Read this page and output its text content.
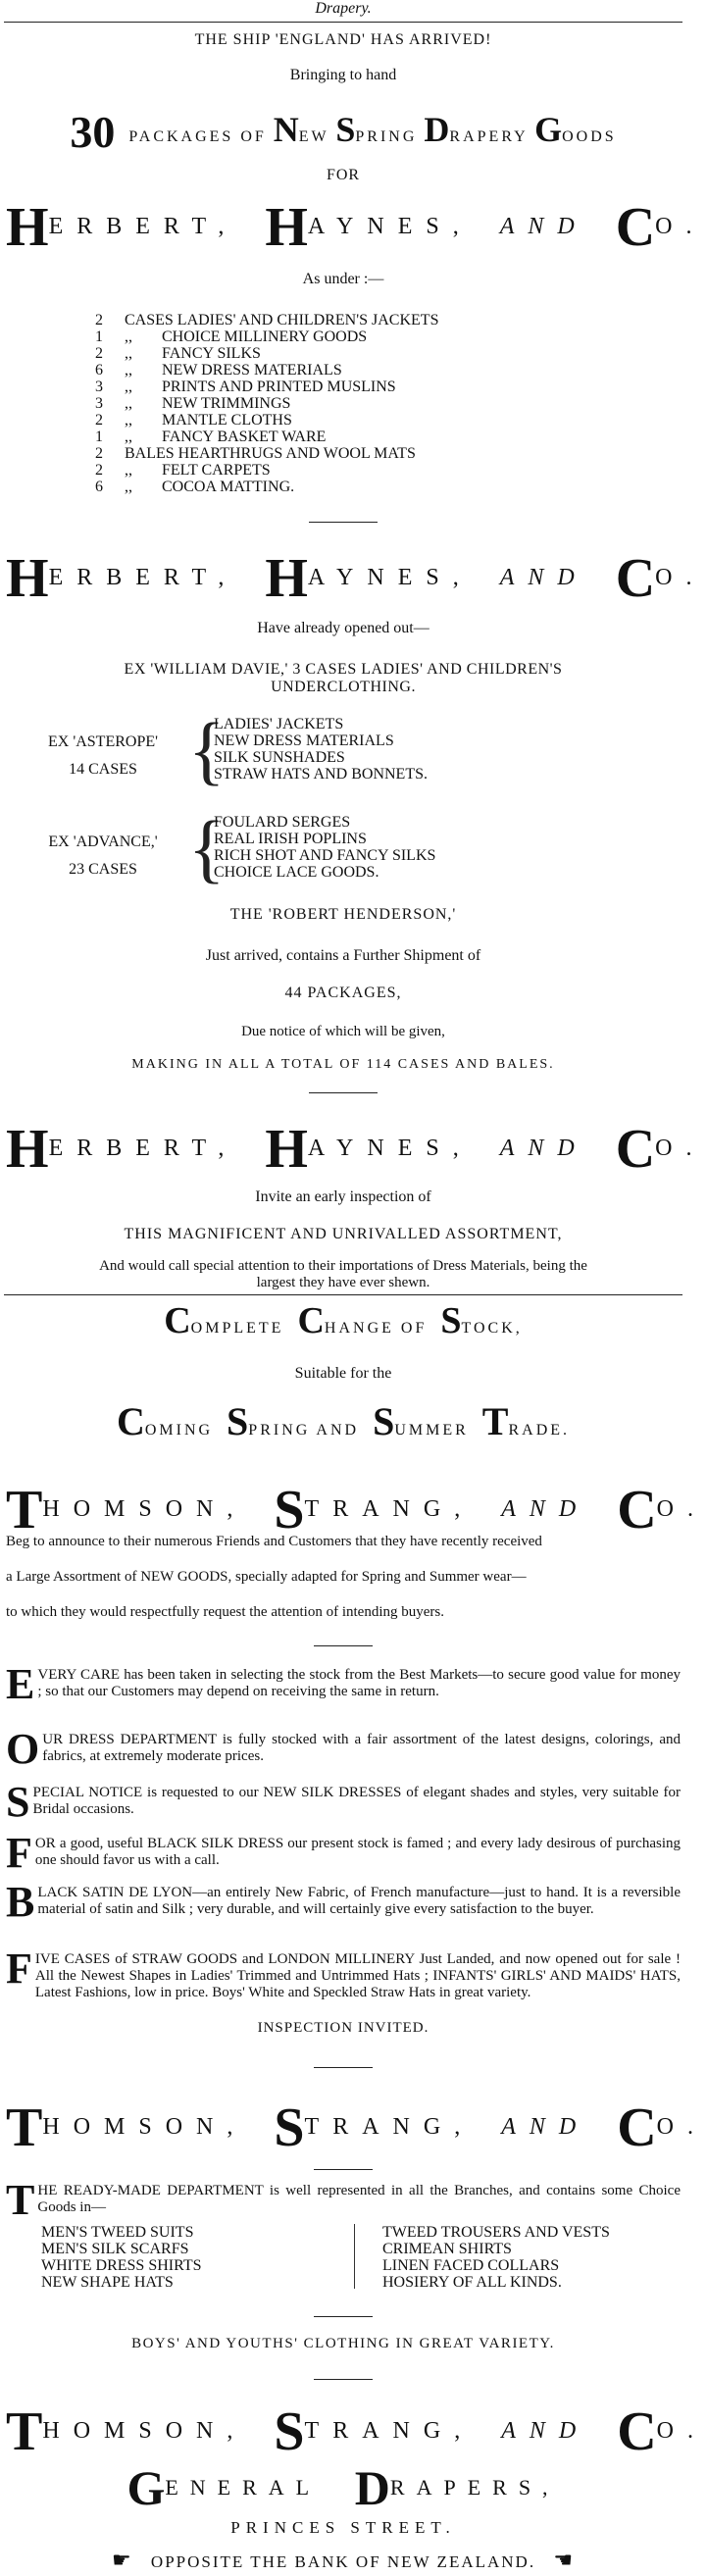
Drapery.
THE SHIP 'ENGLAND' HAS ARRIVED!
Bringing to hand
30 PACKAGES OF NEW SPRING DRAPERY GOODS
FOR
HERBERT, HAYNES, AND CO.
As under :—
2 CASES LADIES' AND CHILDREN'S JACKETS
1 ,, CHOICE MILLINERY GOODS
2 ,, FANCY SILKS
6 ,, NEW DRESS MATERIALS
3 ,, PRINTS AND PRINTED MUSLINS
3 ,, NEW TRIMMINGS
2 ,, MANTLE CLOTHS
1 ,, FANCY BASKET WARE
2 BALES HEARTHRUGS AND WOOL MATS
2 ,, FELT CARPETS
6 ,, COCOA MATTING.
HERBERT, HAYNES, AND CO.
Have already opened out—
EX 'WILLIAM DAVIE,' 3 CASES LADIES' AND CHILDREN'S
UNDERCLOTHING.
EX 'ASTEROPE'
14 CASES {
LADIES' JACKETS
NEW DRESS MATERIALS
SILK SUNSHADES
STRAW HATS AND BONNETS.
EX 'ADVANCE,'
23 CASES {
FOULARD SERGES
REAL IRISH POPLINS
RICH SHOT AND FANCY SILKS
CHOICE LACE GOODS.
THE 'ROBERT HENDERSON,'
Just arrived, contains a Further Shipment of
44 PACKAGES,
Due notice of which will be given,
MAKING IN ALL A TOTAL OF 114 CASES AND BALES.
HERBERT, HAYNES, AND CO.
Invite an early inspection of
THIS MAGNIFICENT AND UNRIVALLED ASSORTMENT,
And would call special attention to their importations of Dress Materials, being the
largest they have ever shewn.
COMPLETE CHANGE OF STOCK,
Suitable for the
COMING SPRING AND SUMMER TRADE.
THOMSON, STRANG, AND CO.
Beg to announce to their numerous Friends and Customers that they have recently received
a Large Assortment of NEW GOODS, specially adapted for Spring and Summer wear—
to which they would respectfully request the attention of intending buyers.
EVERY CARE has been taken in selecting the stock from the Best Markets—to secure good value for money ; so that our Customers may depend on receiving the same in return.
OUR DRESS DEPARTMENT is fully stocked with a fair assortment of the latest designs, colorings, and fabrics, at extremely moderate prices.
SPECIAL NOTICE is requested to our NEW SILK DRESSES of elegant shades and styles, very suitable for Bridal occasions.
FOR a good, useful BLACK SILK DRESS our present stock is famed ; and every lady desirous of purchasing one should favor us with a call.
BLACK SATIN DE LYON—an entirely New Fabric, of French manufacture—just to hand. It is a reversible material of satin and Silk ; very durable, and will certainly give every satisfaction to the buyer.
FIVE CASES of STRAW GOODS and LONDON MILLINERY Just Landed, and now opened out for sale ! All the Newest Shapes in Ladies' Trimmed and Untrimmed Hats ; INFANTS' GIRLS' AND MAIDS' HATS, Latest Fashions, low in price. Boys' White and Speckled Straw Hats in great variety.
INSPECTION INVITED.
THOMSON, STRANG, AND CO.
THE READY-MADE DEPARTMENT is well represented in all the Branches, and contains some Choice Goods in—
MEN'S TWEED SUITS
MEN'S SILK SCARFS
WHITE DRESS SHIRTS
NEW SHAPE HATS
TWEED TROUSERS AND VESTS
CRIMEAN SHIRTS
LINEN FACED COLLARS
HOSIERY OF ALL KINDS.
BOYS' AND YOUTHS' CLOTHING IN GREAT VARIETY.
THOMSON, STRANG, AND CO.
GENERAL DRAPERS,
PRINCES STREET.
☛ OPPOSITE THE BANK OF NEW ZEALAND. ☚
